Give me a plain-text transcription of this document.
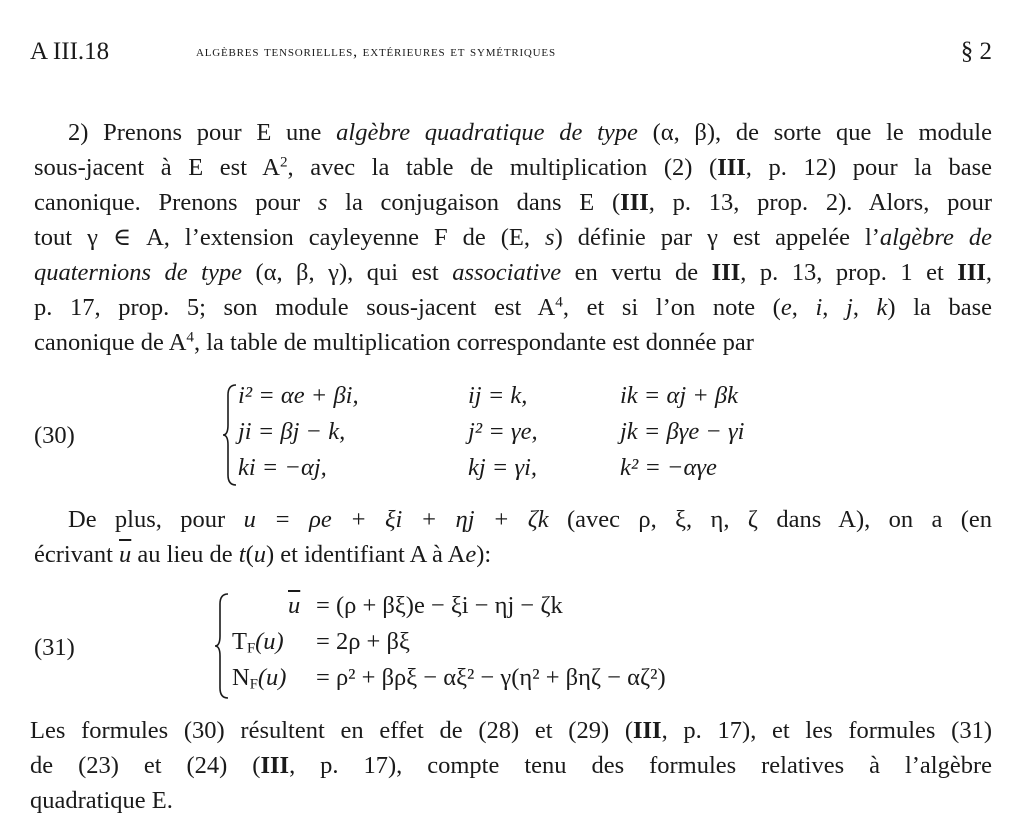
A III.18	algèbres tensorielles, extérieures et symétriques	§ 2
2) Prenons pour E une algèbre quadratique de type (α, β), de sorte que le module
sous-jacent à E est $A^2$, avec la table de multiplication (2) (III, p. 12) pour la base
canonique. Prenons pour s la conjugaison dans E (III, p. 13, prop. 2). Alors, pour
tout γ ∈ A, l’extension cayleyenne F de (E, s) définie par γ est appelée l’algèbre de
quaternions de type (α, β, γ), qui est associative en vertu de III, p. 13, prop. 1 et III,
p. 17, prop. 5; son module sous-jacent est $A^4$, et si l’on note (e, i, j, k) la base
canonique de $A^4$, la table de multiplication correspondante est donnée par
(30)
i² = αe + βi,	ij = k,	ik = αj + βk
ji = βj − k,	j² = γe,	jk = βγe − γi
ki = −αj,	kj = γi,	k² = −αγe
De plus, pour u = ρe + ξi + ηj + ζk (avec ρ, ξ, η, ζ dans A), on a (en
écrivant $\overline{u}$ au lieu de t(u) et identifiant A à Ae):
(31)
$\overline{u} = (\rho + \beta\xi)e - \xi i - \eta j - \zeta k$
$T_F(u) = 2\rho + \beta\xi$
$N_F(u) = \rho^2 + \beta\rho\xi - \alpha\xi^2 - \gamma(\eta^2 + \beta\eta\zeta - \alpha\zeta^2)$
Les formules (30) résultent en effet de (28) et (29) (III, p. 17), et les formules (31)
de (23) et (24) (III, p. 17), compte tenu des formules relatives à l’algèbre
quadratique E.
